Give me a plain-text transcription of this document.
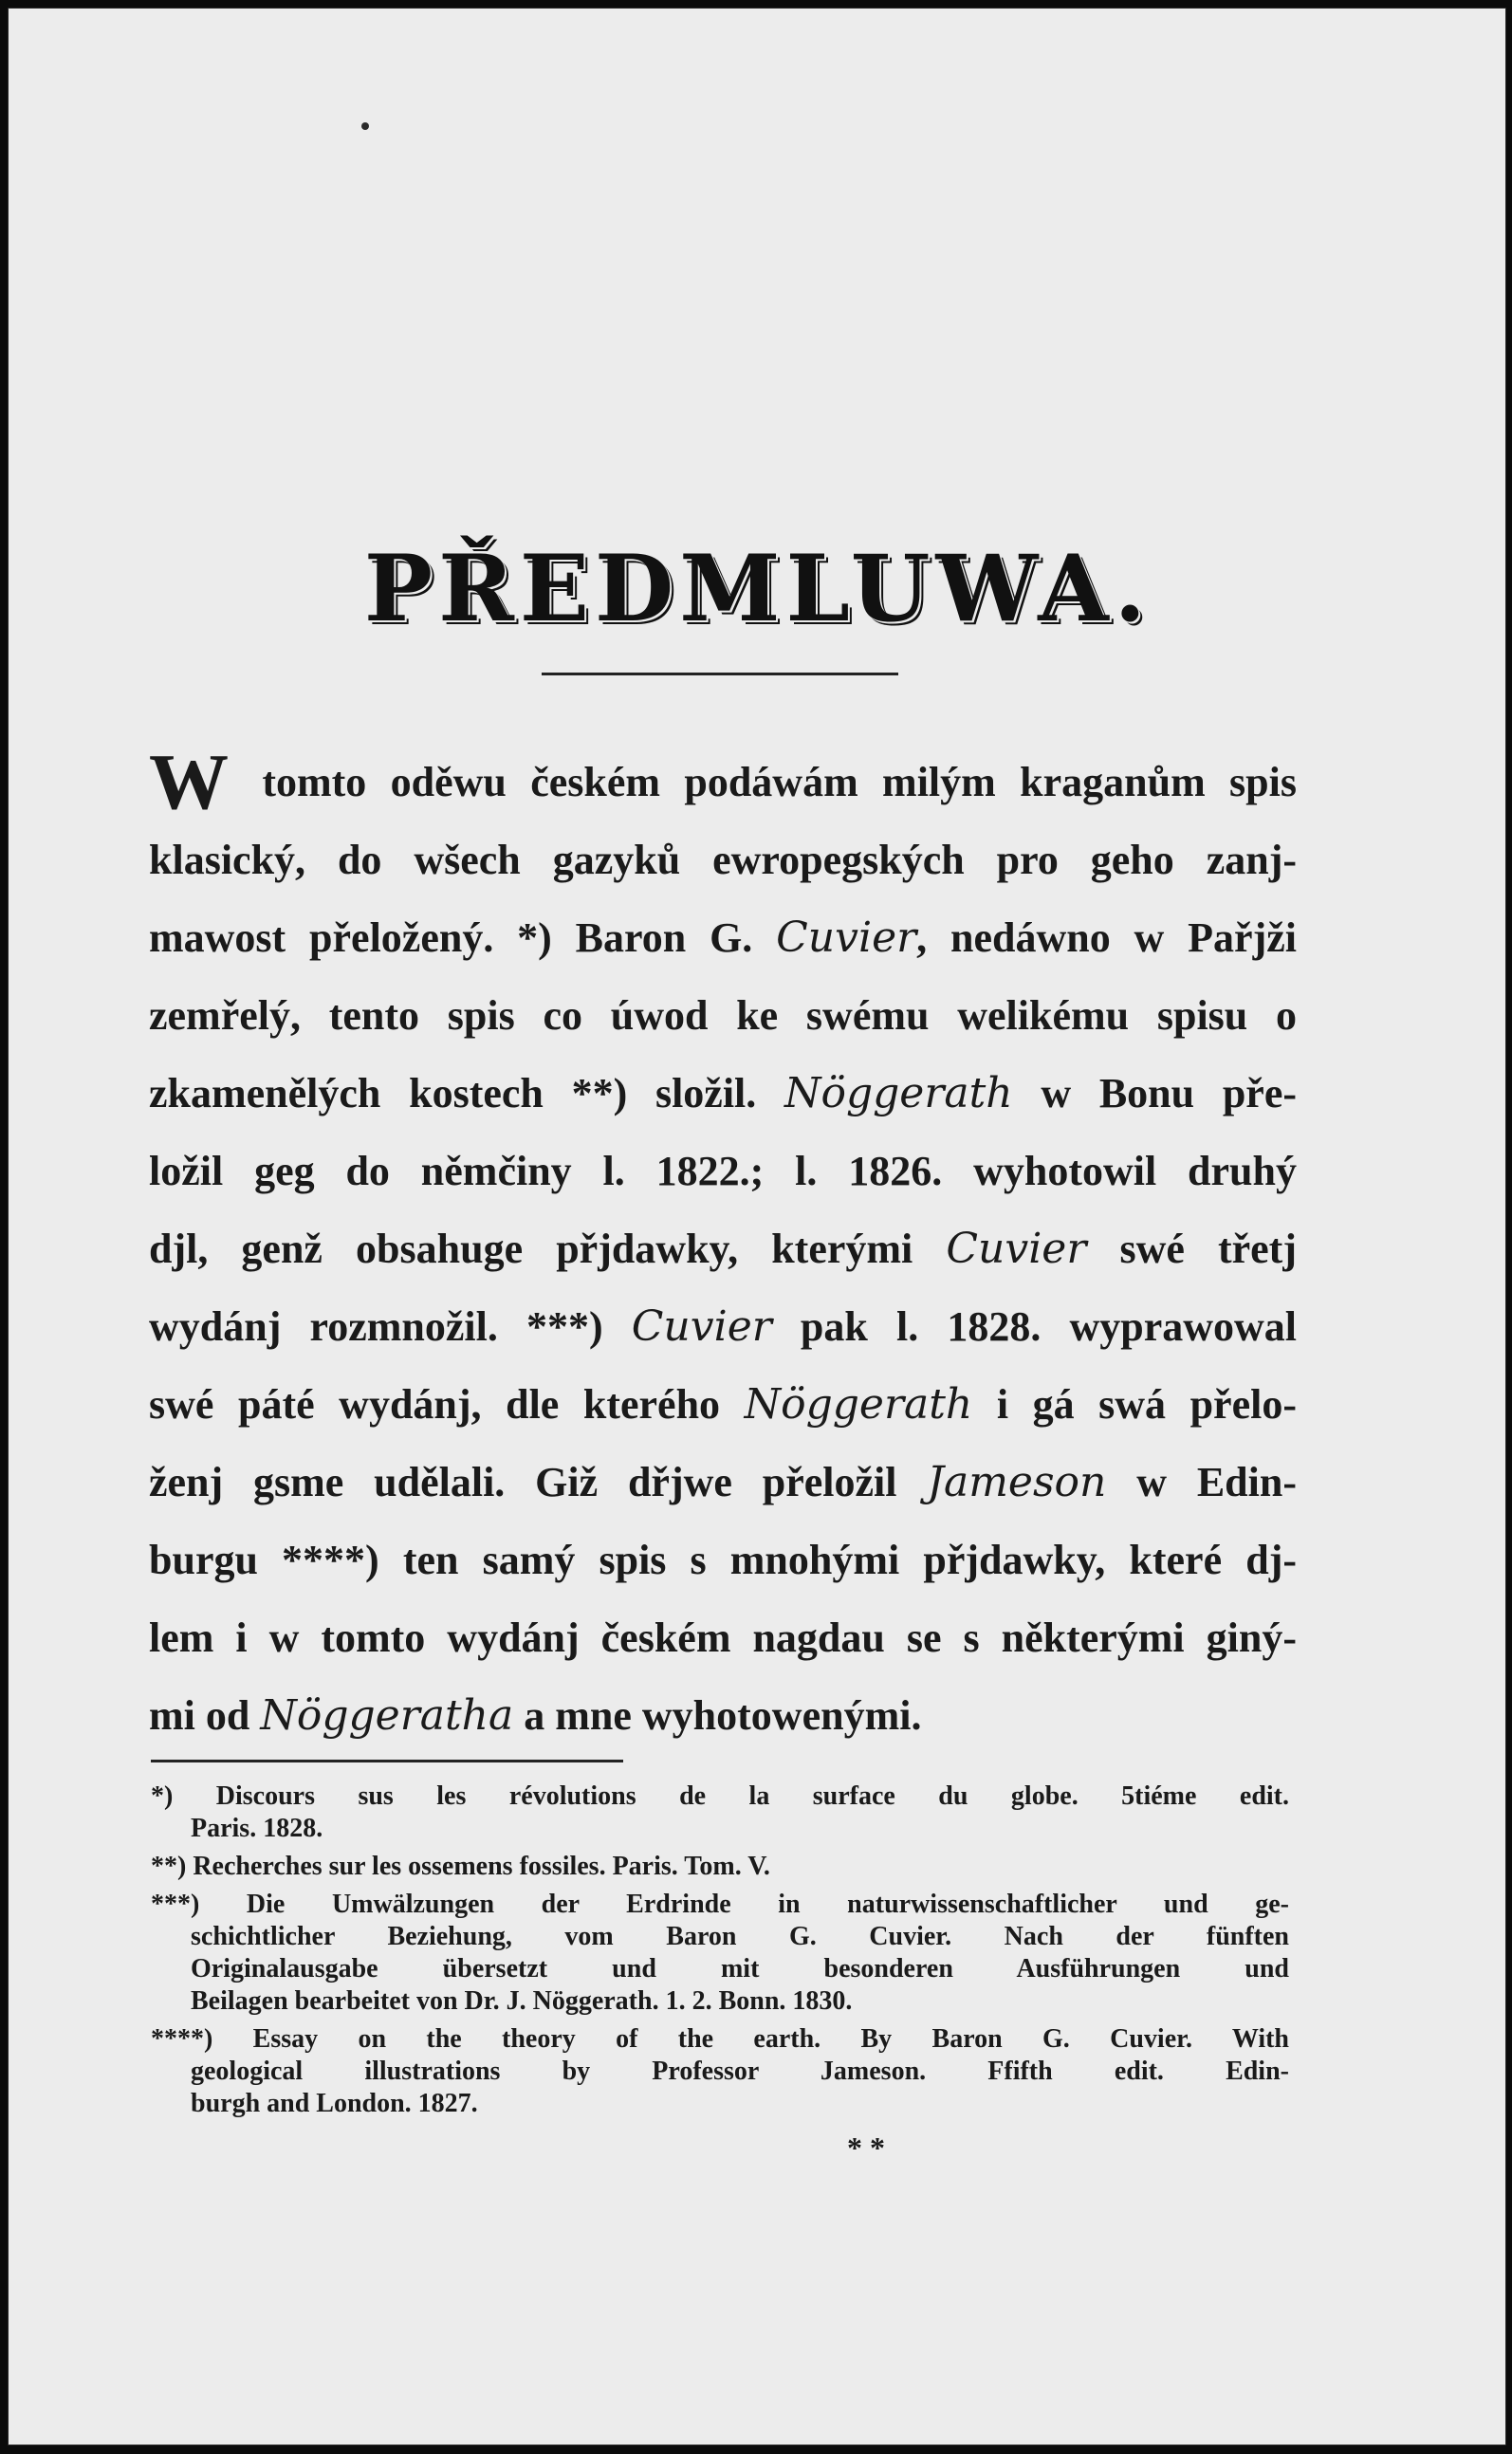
PŘEDMLUWA.
W tomto oděwu českém podáwám milým kraganům spis
klasický, do wšech gazyků ewropegských pro geho zanj-
mawost přeložený. *) Baron G. Cuvier, nedáwno w Pařjži
zemřelý, tento spis co úwod ke swému welikému spisu o
zkamenělých kostech **) složil. Nöggerath w Bonu pře-
ložil geg do němčiny l. 1822.; l. 1826. wyhotowil druhý
djl, genž obsahuge přjdawky, kterými Cuvier swé třetj
wydánj rozmnožil. ***) Cuvier pak l. 1828. wyprawowal
swé páté wydánj, dle kterého Nöggerath i gá swá přelo-
ženj gsme udělali. Giž dřjwe přeložil Jameson w Edin-
burgu ****) ten samý spis s mnohými přjdawky, které dj-
lem i w tomto wydánj českém nagdau se s některými giný-
mi od Nöggeratha a mne wyhotowenými.
*) Discours sus les révolutions de la surface du globe. 5tiéme edit.
Paris. 1828.
**) Recherches sur les ossemens fossiles. Paris. Tom. V.
***) Die Umwälzungen der Erdrinde in naturwissenschaftlicher und ge-
schichtlicher Beziehung, vom Baron G. Cuvier. Nach der fünften
Originalausgabe übersetzt und mit besonderen Ausführungen und
Beilagen bearbeitet von Dr. J. Nöggerath. 1. 2. Bonn. 1830.
****) Essay on the theory of the earth. By Baron G. Cuvier. With
geological illustrations by Professor Jameson. Ffifth edit. Edin-
burgh and London. 1827.
* *
